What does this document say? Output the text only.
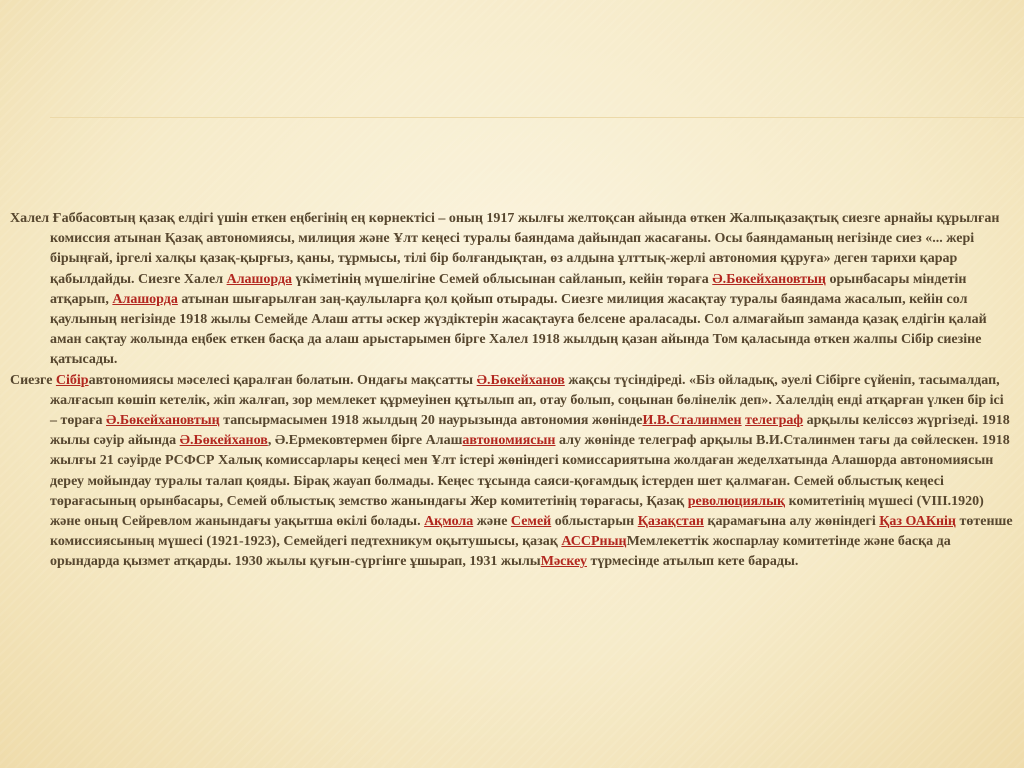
Халел Ғаббасовтың қазақ елдігі үшін еткен еңбегінің ең көрнектісі – оның 1917 жылғы желтоқсан айында өткен Жалпықазақтық сиезге арнайы құрылған комиссия атынан Қазақ автономиясы, милиция және Ұлт кеңесі туралы баяндама дайындап жасағаны. Осы баяндаманың негізінде сиез «... жері бірыңғай, іргелі халқы қазақ-қырғыз, қаны, тұрмысы, тілі бір болғандықтан, өз алдына ұлттық-жерлі автономия құруға» деген тарихи қарар қабылдайды. Сиезге Халел Алашорда үкіметінің мүшелігіне Семей облысынан сайланып, кейін төраға Ә.Бөкейхановтың орынбасары міндетін атқарып, Алашорда атынан шығарылған заң-қаулыларға қол қойып отырады. Сиезге милиция жасақтау туралы баяндама жасалып, кейін сол қаулының негізінде 1918 жылы Семейде Алаш атты әскер жүздіктерін жасақтауға белсене араласады. Сол алмағайып заманда қазақ елдігін қалай аман сақтау жолында еңбек еткен басқа да алаш арыстарымен бірге Халел 1918 жылдың қазан айында Том қаласында өткен жалпы Сібір сиезіне қатысады.

Сиезге Сібіравтономиясы мәселесі қаралған болатын. Ондағы мақсатты Ә.Бөкейханов жақсы түсіндіреді. «Біз ойладық, әуелі Сібірге сүйеніп, тасымалдап, жалғасып көшіп кетелік, жіп жалғап, зор мемлекет құрмеуінен құтылып ап, отау болып, соңынан бөлінелік деп». Халелдің енді атқарған үлкен бір ісі – төраға Ә.Бөкейхановтың тапсырмасымен 1918 жылдың 20 наурызында автономия жөніндеИ.В.Сталинмен телеграф арқылы келіссөз жүргізеді. 1918 жылы сәуір айында Ә.Бөкейханов, Ә.Ермековтермен бірге Алашавтономиясын алу жөнінде телеграф арқылы В.И.Сталинмен тағы да сөйлескен. 1918 жылғы 21 сәуірде РСФСР Халық комиссарлары кеңесі мен Ұлт істері жөніндегі комиссариятына жолдаған жеделхатында Алашорда автономиясын дереу мойындау туралы талап қояды. Бірақ жауап болмады. Кеңес тұсында саяси-қоғамдық істерден шет қалмаған. Семей облыстық кеңесі төрағасының орынбасары, Семей облыстық земство жанындағы Жер комитетінің төрағасы, Қазақ революциялық комитетінің мүшесі (VIII.1920) және оның Сейревлом жанындағы уақытша өкілі болады. Ақмола және Семей облыстарын Қазақстан қарамағына алу жөніндегі Қаз ОАКнің төтенше комиссиясының мүшесі (1921-1923), Семейдегі педтехникум оқытушысы, қазақ АССРныңМемлекеттік жоспарлау комитетінде және басқа да орындарда қызмет атқарды. 1930 жылы қуғын-сүргінге ұшырап, 1931 жылыМәскеу түрмесінде атылып кете барады.
